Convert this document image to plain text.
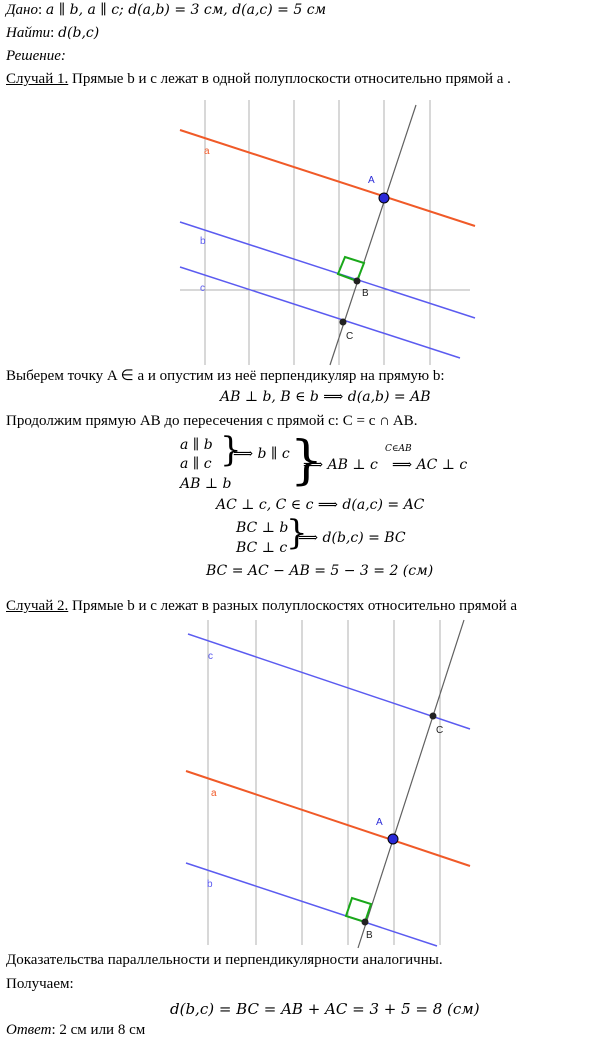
Дано: a ∥ b, a ∥ c; d(a,b) = 3 см, d(a,c) = 5 см
Найти: d(b,c)
Решение:
Случай 1. Прямые b и c лежат в одной полуплоскости относительно прямой a .
a
b
c
A
B
C
Выберем точку A ∈ a и опустим из неё перпендикуляр на прямую b:
AB ⊥ b, B ∈ b ⟹ d(a,b) = AB
Продолжим прямую AB до пересечения с прямой c: C = c ∩ AB.
a ∥ b
a ∥ c }
⟹ b ∥ c
AB ⊥ b }
⟹ AB ⊥ c
C∈AB
⟹ AC ⊥ c
AC ⊥ c, C ∈ c ⟹ d(a,c) = AC
BC ⊥ b
BC ⊥ c
}
⟹ d(b,c) = BC
BC = AC − AB = 5 − 3 = 2 (см)
Случай 2. Прямые b и c лежат в разных полуплоскостях относительно прямой a
c
a
b
C
A
B
Доказательства параллельности и перпендикулярности аналогичны.
Получаем:
d(b,c) = BC = AB + AC = 3 + 5 = 8 (см)
Ответ: 2 см или 8 см
